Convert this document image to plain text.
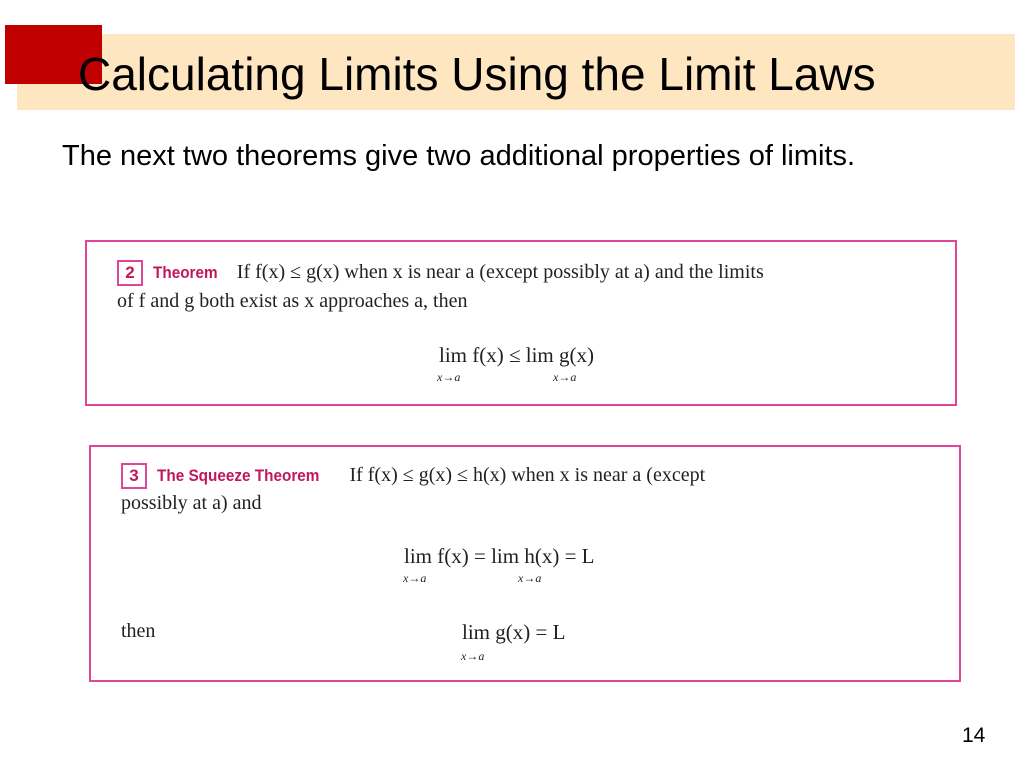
Calculating Limits Using the Limit Laws
The next two theorems give two additional properties of limits.
2 Theorem If f(x) ≤ g(x) when x is near a (except possibly at a) and the limits
of f and g both exist as x approaches a, then
lim f(x) ≤ lim g(x)
x→a	x→a
3 The Squeeze Theorem If f(x) ≤ g(x) ≤ h(x) when x is near a (except
possibly at a) and
lim f(x) = lim h(x) = L
x→a	x→a
then	lim g(x) = L
x→a
14
